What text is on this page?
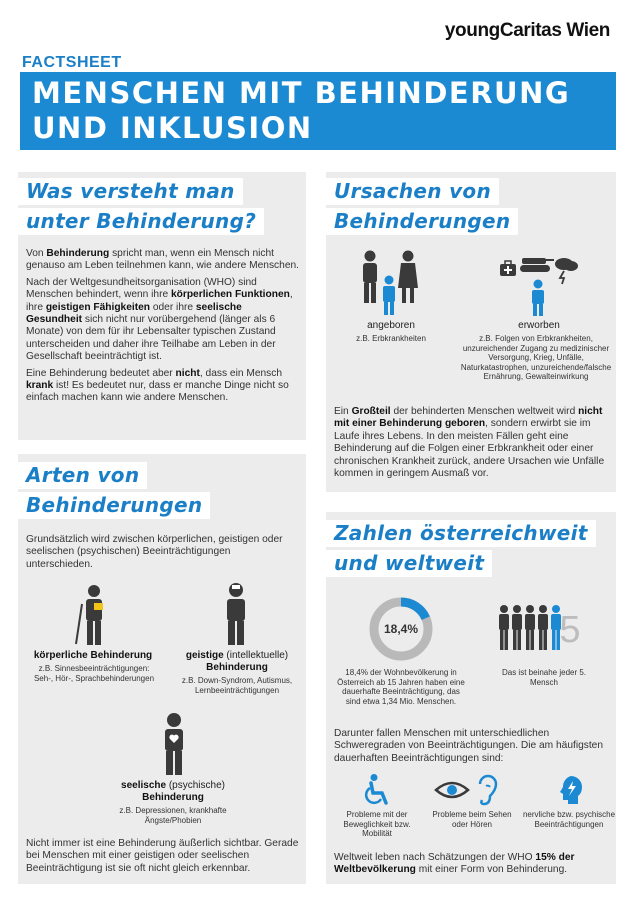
youngCaritas Wien
FACTSHEET
MENSCHEN MIT BEHINDERUNG
UND INKLUSION
Was versteht man
unter Behinderung?

Von Behinderung spricht man, wenn ein Mensch nicht genauso am Leben teilnehmen kann, wie andere Menschen.

Nach der Weltgesundheitsorganisation (WHO) sind Menschen behindert, wenn ihre körperlichen Funktionen, ihre geistigen Fähigkeiten oder ihre seelische Gesundheit sich nicht nur vorübergehend (länger als 6 Monate) von dem für ihr Lebensalter typischen Zustand unterscheiden und daher ihre Teilhabe am Leben in der Gesellschaft beeinträchtigt ist.

Eine Behinderung bedeutet aber nicht, dass ein Mensch krank ist! Es bedeutet nur, dass er manche Dinge nicht so einfach machen kann wie andere Menschen.

Arten von
Behinderungen
Grundsätzlich wird zwischen körperlichen, geistigen oder seelischen (psychischen) Beeinträchtigungen unterschieden.
körperliche Behinderung
z.B. Sinnesbeeinträchtigungen: Seh-, Hör-, Sprachbehinderungen
geistige (intellektuelle)
Behinderung
z.B. Down-Syndrom, Autismus, Lernbeeinträchtigungen
seelische (psychische)
Behinderung
z.B. Depressionen, krankhafte Ängste/Phobien
Nicht immer ist eine Behinderung äußerlich sichtbar. Gerade bei Menschen mit einer geistigen oder seelischen Beeinträchtigung ist sie oft nicht gleich erkennbar.
Ursachen von
Behinderungen
angeboren
z.B. Erbkrankheiten
erworben
z.B. Folgen von Erbkrankheiten, unzureichender Zugang zu medizinischer Versorgung, Krieg, Unfälle, Naturkatastrophen, unzureichende/falsche Ernährung, Gewalteinwirkung
Ein Großteil der behinderten Menschen weltweit wird nicht mit einer Behinderung geboren, sondern erwirbt sie im Laufe ihres Lebens. In den meisten Fällen geht eine Behinderung auf die Folgen einer Erbkrankheit oder einer chronischen Krankheit zurück, andere Ursachen wie Unfälle kommen in geringem Ausmaß vor.
Zahlen österreichweit
und weltweit
18,4%
18,4% der Wohnbevölkerung in Österreich ab 15 Jahren haben eine dauerhafte Beeinträchtigung, das sind etwa 1,34 Mio. Menschen.
5
Das ist beinahe jeder 5. Mensch
Darunter fallen Menschen mit unterschiedlichen Schweregraden von Beeinträchtigungen. Die am häufigsten dauerhaften Beeinträchtigungen sind:
Probleme mit der Beweglichkeit bzw. Mobilität
Probleme beim Sehen oder Hören
nervliche bzw. psychische Beeinträchtigungen
Weltweit leben nach Schätzungen der WHO 15% der Weltbevölkerung mit einer Form von Behinderung.
